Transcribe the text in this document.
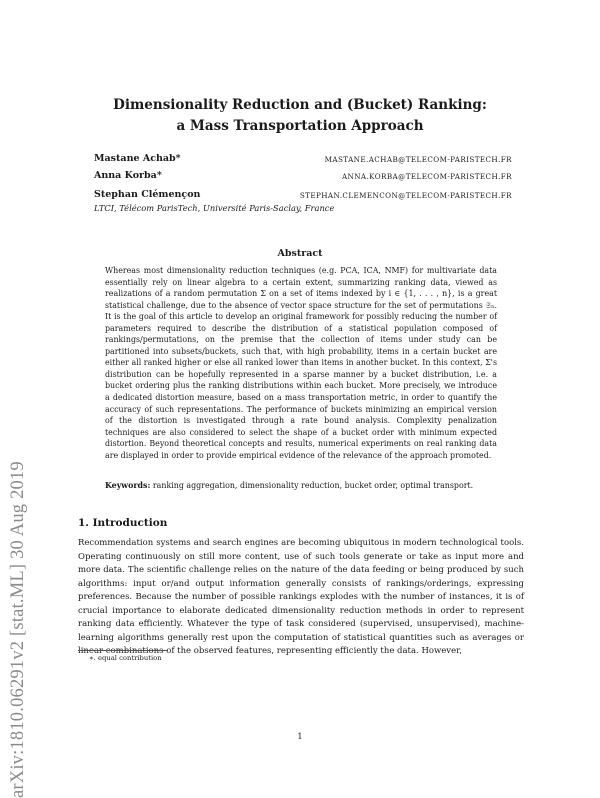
arXiv:1810.06291v2 [stat.ML] 30 Aug 2019
Dimensionality Reduction and (Bucket) Ranking:
a Mass Transportation Approach
Mastane Achab*	MASTANE.ACHAB@TELECOM-PARISTECH.FR
Anna Korba*	ANNA.KORBA@TELECOM-PARISTECH.FR
Stephan Clémençon	STEPHAN.CLEMENCON@TELECOM-PARISTECH.FR
LTCI, Télécom ParisTech, Université Paris-Saclay, France
Abstract
Whereas most dimensionality reduction techniques (e.g. PCA, ICA, NMF) for multivariate data essentially rely on linear algebra to a certain extent, summarizing ranking data, viewed as realizations of a random permutation Σ on a set of items indexed by i ∈ {1, . . . , n}, is a great statistical challenge, due to the absence of vector space structure for the set of permutations 𝔖ₙ. It is the goal of this article to develop an original framework for possibly reducing the number of parameters required to describe the distribution of a statistical population composed of rankings/permutations, on the premise that the collection of items under study can be partitioned into subsets/buckets, such that, with high probability, items in a certain bucket are either all ranked higher or else all ranked lower than items in another bucket. In this context, Σ's distribution can be hopefully represented in a sparse manner by a bucket distribution, i.e. a bucket ordering plus the ranking distributions within each bucket. More precisely, we introduce a dedicated distortion measure, based on a mass transportation metric, in order to quantify the accuracy of such representations. The performance of buckets minimizing an empirical version of the distortion is investigated through a rate bound analysis. Complexity penalization techniques are also considered to select the shape of a bucket order with minimum expected distortion. Beyond theoretical concepts and results, numerical experiments on real ranking data are displayed in order to provide empirical evidence of the relevance of the approach promoted.
Keywords: ranking aggregation, dimensionality reduction, bucket order, optimal transport.
1. Introduction
Recommendation systems and search engines are becoming ubiquitous in modern technological tools. Operating continuously on still more content, use of such tools generate or take as input more and more data. The scientific challenge relies on the nature of the data feeding or being produced by such algorithms: input or/and output information generally consists of rankings/orderings, expressing preferences. Because the number of possible rankings explodes with the number of instances, it is of crucial importance to elaborate dedicated dimensionality reduction methods in order to represent ranking data efficiently. Whatever the type of task considered (supervised, unsupervised), machine-learning algorithms generally rest upon the computation of statistical quantities such as averages or linear combinations of the observed features, representing efficiently the data. However,
∗. equal contribution
1
